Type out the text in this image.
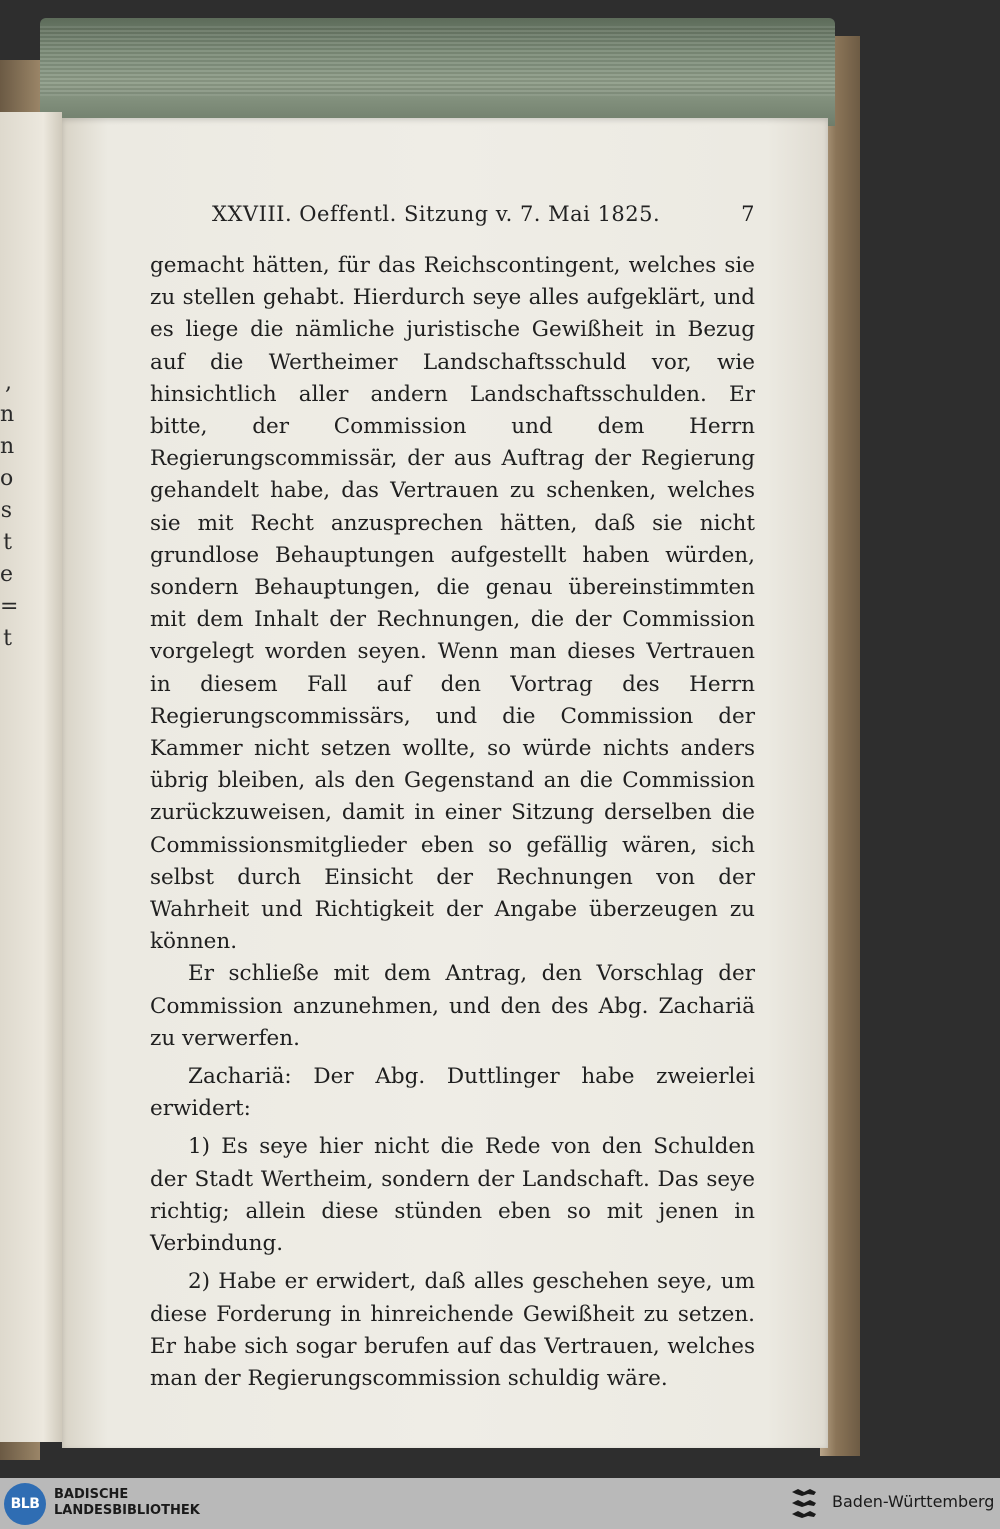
,
n
n
o
s
t
e
=
t
XXVIII. Oeffentl. Sitzung v. 7. Mai 1825.	7

gemacht hätten, für das Reichscontingent, welches sie zu stellen gehabt. Hierdurch seye alles aufgeklärt, und es liege die nämliche juristische Gewißheit in Bezug auf die Wertheimer Landschaftsschuld vor, wie hinsichtlich aller andern Landschaftsschulden. Er bitte, der Commission und dem Herrn Regierungscommissär, der aus Auftrag der Regierung gehandelt habe, das Vertrauen zu schenken, welches sie mit Recht anzusprechen hätten, daß sie nicht grundlose Behauptungen aufgestellt haben würden, sondern Behauptungen, die genau übereinstimmten mit dem Inhalt der Rechnungen, die der Commission vorgelegt worden seyen. Wenn man dieses Vertrauen in diesem Fall auf den Vortrag des Herrn Regierungscommissärs, und die Commission der Kammer nicht setzen wollte, so würde nichts anders übrig bleiben, als den Gegenstand an die Commission zurückzuweisen, damit in einer Sitzung derselben die Commissionsmitglieder eben so gefällig wären, sich selbst durch Einsicht der Rechnungen von der Wahrheit und Richtigkeit der Angabe überzeugen zu können.

Er schließe mit dem Antrag, den Vorschlag der Commission anzunehmen, und den des Abg. Zachariä zu verwerfen.

Zachariä: Der Abg. Duttlinger habe zweierlei erwidert:

1) Es seye hier nicht die Rede von den Schulden der Stadt Wertheim, sondern der Landschaft. Das seye richtig; allein diese stünden eben so mit jenen in Verbindung.

2) Habe er erwidert, daß alles geschehen seye, um diese Forderung in hinreichende Gewißheit zu setzen. Er habe sich sogar berufen auf das Vertrauen, welches man der Regierungscommission schuldig wäre.

BLB
BADISCHE
LANDESBIBLIOTHEK	Baden-Württemberg
